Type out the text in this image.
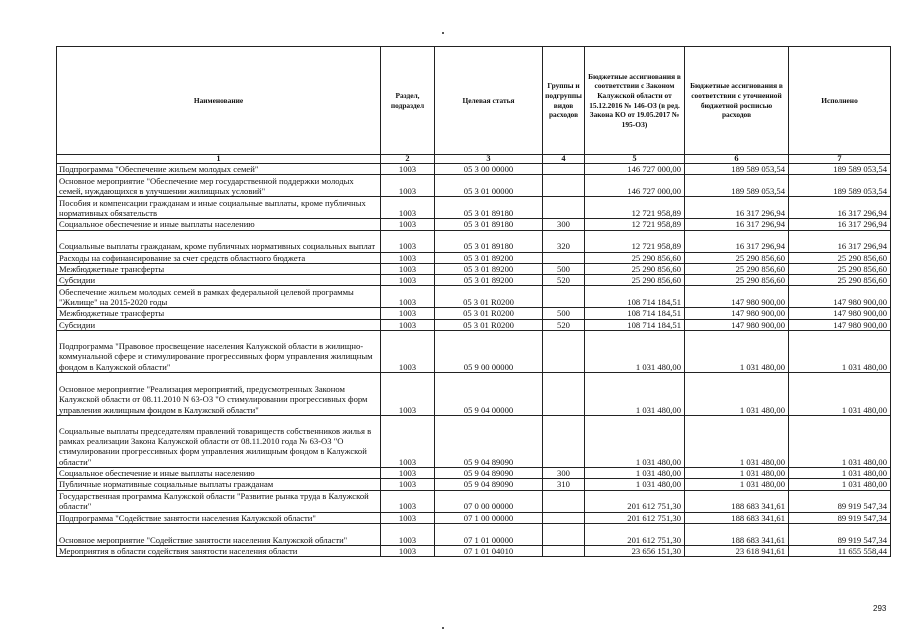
Наименование	Раздел, подраздел	Целевая статья	Группы и подгруппы видов расходов	Бюджетные ассигнования в соответствии с Законом Калужской области от 15.12.2016 № 146-ОЗ (в ред. Закона КО от 19.05.2017 № 195-ОЗ)	Бюджетные ассигнования в соответствии с уточненной бюджетной росписью расходов	Исполнено
1	2	3	4	5	6	7
Подпрограмма "Обеспечение жильем молодых семей"	1003	05 3 00 00000		146 727 000,00	189 589 053,54	189 589 053,54
Основное мероприятие "Обеспечение мер государственной поддержки молодых семей, нуждающихся в улучшении жилищных условий"	1003	05 3 01 00000		146 727 000,00	189 589 053,54	189 589 053,54
Пособия и компенсации гражданам и иные социальные выплаты, кроме публичных нормативных обязательств	1003	05 3 01 89180		12 721 958,89	16 317 296,94	16 317 296,94
Социальное обеспечение и иные выплаты населению	1003	05 3 01 89180	300	12 721 958,89	16 317 296,94	16 317 296,94
Социальные выплаты гражданам, кроме публичных нормативных социальных выплат	1003	05 3 01 89180	320	12 721 958,89	16 317 296,94	16 317 296,94
Расходы на софинансирование за счет средств областного бюджета	1003	05 3 01 89200		25 290 856,60	25 290 856,60	25 290 856,60
Межбюджетные трансферты	1003	05 3 01 89200	500	25 290 856,60	25 290 856,60	25 290 856,60
Субсидии	1003	05 3 01 89200	520	25 290 856,60	25 290 856,60	25 290 856,60
Обеспечение жильем молодых семей в рамках федеральной целевой программы "Жилище" на 2015-2020 годы	1003	05 3 01 R0200		108 714 184,51	147 980 900,00	147 980 900,00
Межбюджетные трансферты	1003	05 3 01 R0200	500	108 714 184,51	147 980 900,00	147 980 900,00
Субсидии	1003	05 3 01 R0200	520	108 714 184,51	147 980 900,00	147 980 900,00
Подпрограмма "Правовое просвещение населения Калужской области в жилищно-коммунальной сфере и стимулирование прогрессивных форм управления жилищным фондом в Калужской области"	1003	05 9 00 00000		1 031 480,00	1 031 480,00	1 031 480,00
Основное мероприятие "Реализация мероприятий, предусмотренных Законом Калужской области от 08.11.2010 N 63-ОЗ "О стимулировании прогрессивных форм управления жилищным фондом в Калужской области"	1003	05 9 04 00000		1 031 480,00	1 031 480,00	1 031 480,00
Социальные выплаты председателям правлений товариществ собственников жилья в рамках реализации Закона Калужской области от 08.11.2010 года № 63-ОЗ "О стимулировании прогрессивных форм управления жилищным фондом в Калужской области"	1003	05 9 04 89090		1 031 480,00	1 031 480,00	1 031 480,00
Социальное обеспечение и иные выплаты населению	1003	05 9 04 89090	300	1 031 480,00	1 031 480,00	1 031 480,00
Публичные нормативные социальные выплаты гражданам	1003	05 9 04 89090	310	1 031 480,00	1 031 480,00	1 031 480,00
Государственная программа Калужской области "Развитие рынка труда в Калужской области"	1003	07 0 00 00000		201 612 751,30	188 683 341,61	89 919 547,34
Подпрограмма "Содействие занятости населения Калужской области"	1003	07 1 00 00000		201 612 751,30	188 683 341,61	89 919 547,34
Основное мероприятие "Содействие занятости населения Калужской области"	1003	07 1 01 00000		201 612 751,30	188 683 341,61	89 919 547,34
Мероприятия в области содействия занятости населения области	1003	07 1 01 04010		23 656 151,30	23 618 941,61	11 655 558,44
293
